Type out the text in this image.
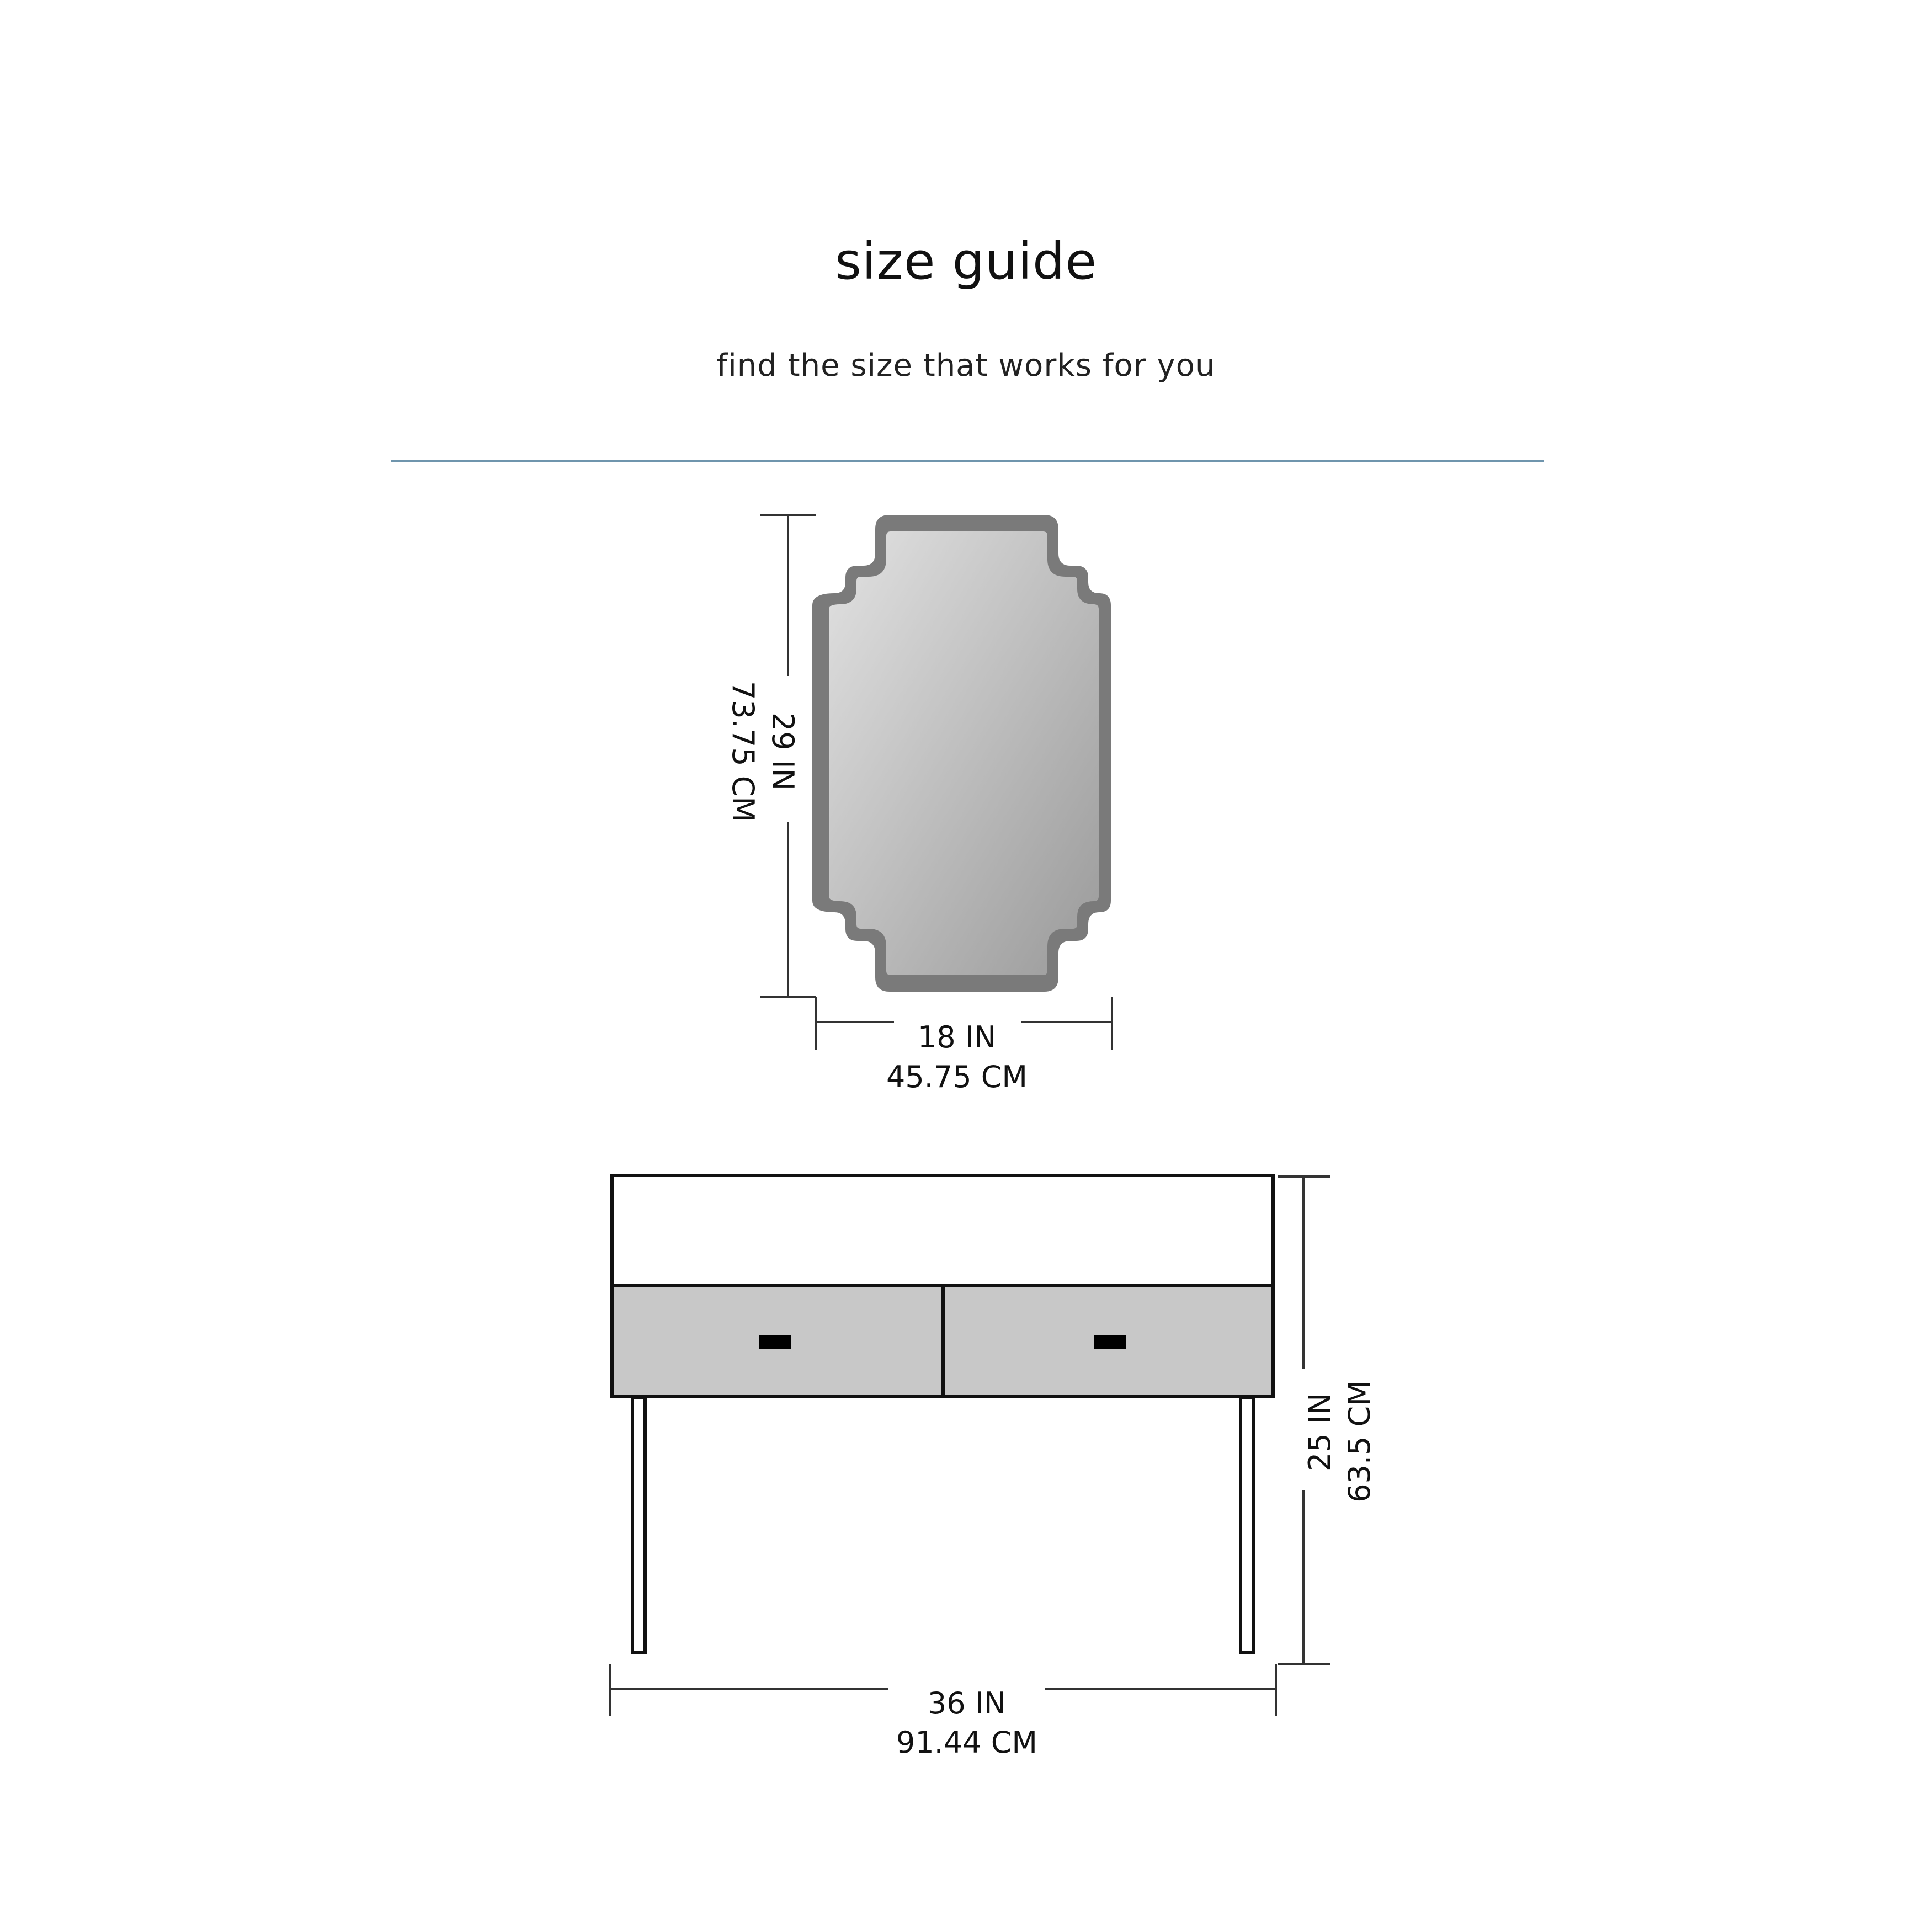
size guide
find the size that works for you
29 IN
73.75 CM
18 IN
45.75 CM
25 IN 63.5 CM
36 IN
91.44 CM
